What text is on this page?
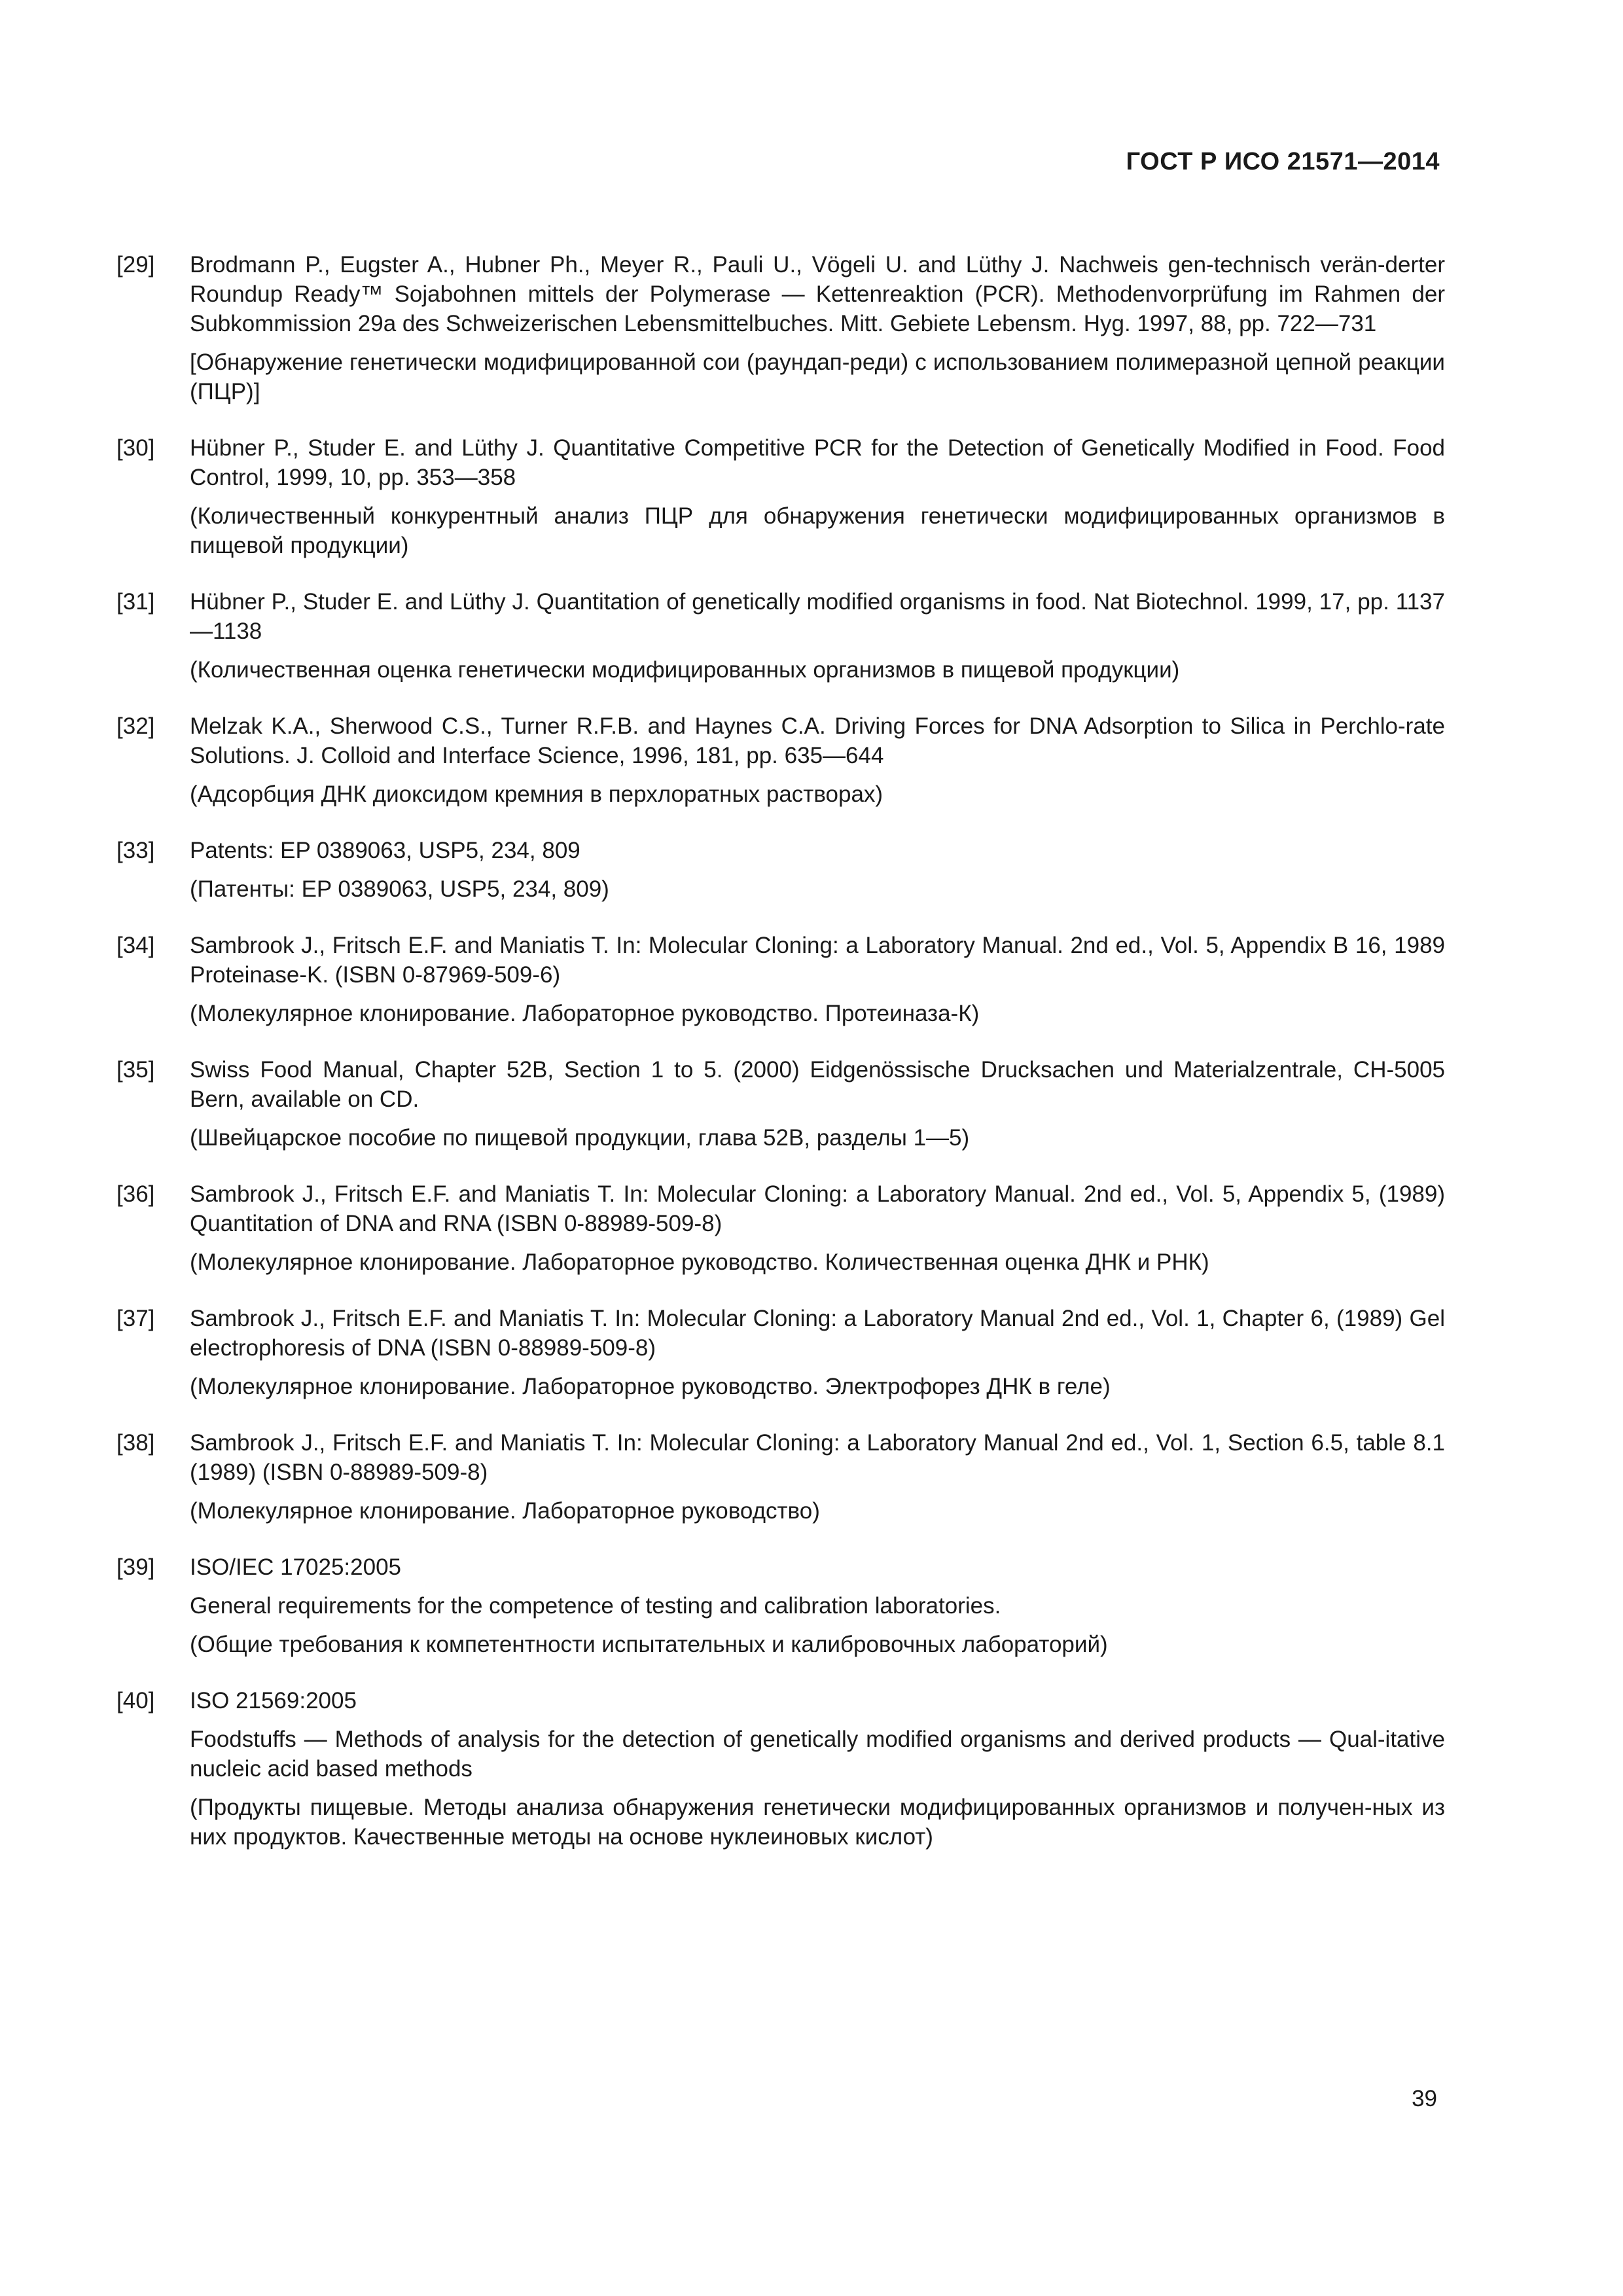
ГОСТ Р ИСО 21571—2014
[29]	Brodmann P., Eugster A., Hubner Ph., Meyer R., Pauli U., Vögeli U. and Lüthy J. Nachweis gen-technisch verän-derter Roundup Ready™ Sojabohnen mittels der Polymerase — Kettenreaktion (PCR). Methodenvorprüfung im Rahmen der Subkommission 29a des Schweizerischen Lebensmittelbuches. Mitt. Gebiete Lebensm. Hyg. 1997, 88, pp. 722—731

[Обнаружение генетически модифицированной сои (раундап-реди) с использованием полимеразной цепной реакции (ПЦР)]

[30]	Hübner P., Studer E. and Lüthy J. Quantitative Competitive PCR for the Detection of Genetically Modified in Food. Food Control, 1999, 10, pp. 353—358

(Количественный конкурентный анализ ПЦР для обнаружения генетически модифицированных организмов в пищевой продукции)

[31]	Hübner P., Studer E. and Lüthy J. Quantitation of genetically modified organisms in food. Nat Biotechnol. 1999, 17, pp. 1137—1138

(Количественная оценка генетически модифицированных организмов в пищевой продукции)

[32]	Melzak K.A., Sherwood C.S., Turner R.F.B. and Haynes C.A. Driving Forces for DNA Adsorption to Silica in Perchlo-rate Solutions. J. Colloid and Interface Science, 1996, 181, pp. 635—644

(Адсорбция ДНК диоксидом кремния в перхлоратных растворах)

[33]	Patents: EP 0389063, USP5, 234, 809

(Патенты: EP 0389063, USP5, 234, 809)

[34]	Sambrook J., Fritsch E.F. and Maniatis T. In: Molecular Cloning: a Laboratory Manual. 2nd ed., Vol. 5, Appendix B 16, 1989 Proteinase-K. (ISBN 0-87969-509-6)

(Молекулярное клонирование. Лабораторное руководство. Протеиназа-К)

[35]	Swiss Food Manual, Chapter 52B, Section 1 to 5. (2000) Eidgenössische Drucksachen und Materialzentrale, CH-5005 Bern, available on CD.

(Швейцарское пособие по пищевой продукции, глава 52B, разделы 1—5)

[36]	Sambrook J., Fritsch E.F. and Maniatis T. In: Molecular Cloning: a Laboratory Manual. 2nd ed., Vol. 5, Appendix 5, (1989) Quantitation of DNA and RNA (ISBN 0-88989-509-8)

(Молекулярное клонирование. Лабораторное руководство. Количественная оценка ДНК и РНК)

[37]	Sambrook J., Fritsch E.F. and Maniatis T. In: Molecular Cloning: a Laboratory Manual 2nd ed., Vol. 1, Chapter 6, (1989) Gel electrophoresis of DNA (ISBN 0-88989-509-8)

(Молекулярное клонирование. Лабораторное руководство. Электрофорез ДНК в геле)

[38]	Sambrook J., Fritsch E.F. and Maniatis T. In: Molecular Cloning: a Laboratory Manual 2nd ed., Vol. 1, Section 6.5, table 8.1 (1989) (ISBN 0-88989-509-8)

(Молекулярное клонирование. Лабораторное руководство)

[39]	ISO/IEC 17025:2005

General requirements for the competence of testing and calibration laboratories.

(Общие требования к компетентности испытательных и калибровочных лабораторий)

[40]	ISO 21569:2005

Foodstuffs — Methods of analysis for the detection of genetically modified organisms and derived products — Qual-itative nucleic acid based methods

(Продукты пищевые. Методы анализа обнаружения генетически модифицированных организмов и получен-ных из них продуктов. Качественные методы на основе нуклеиновых кислот)

39
